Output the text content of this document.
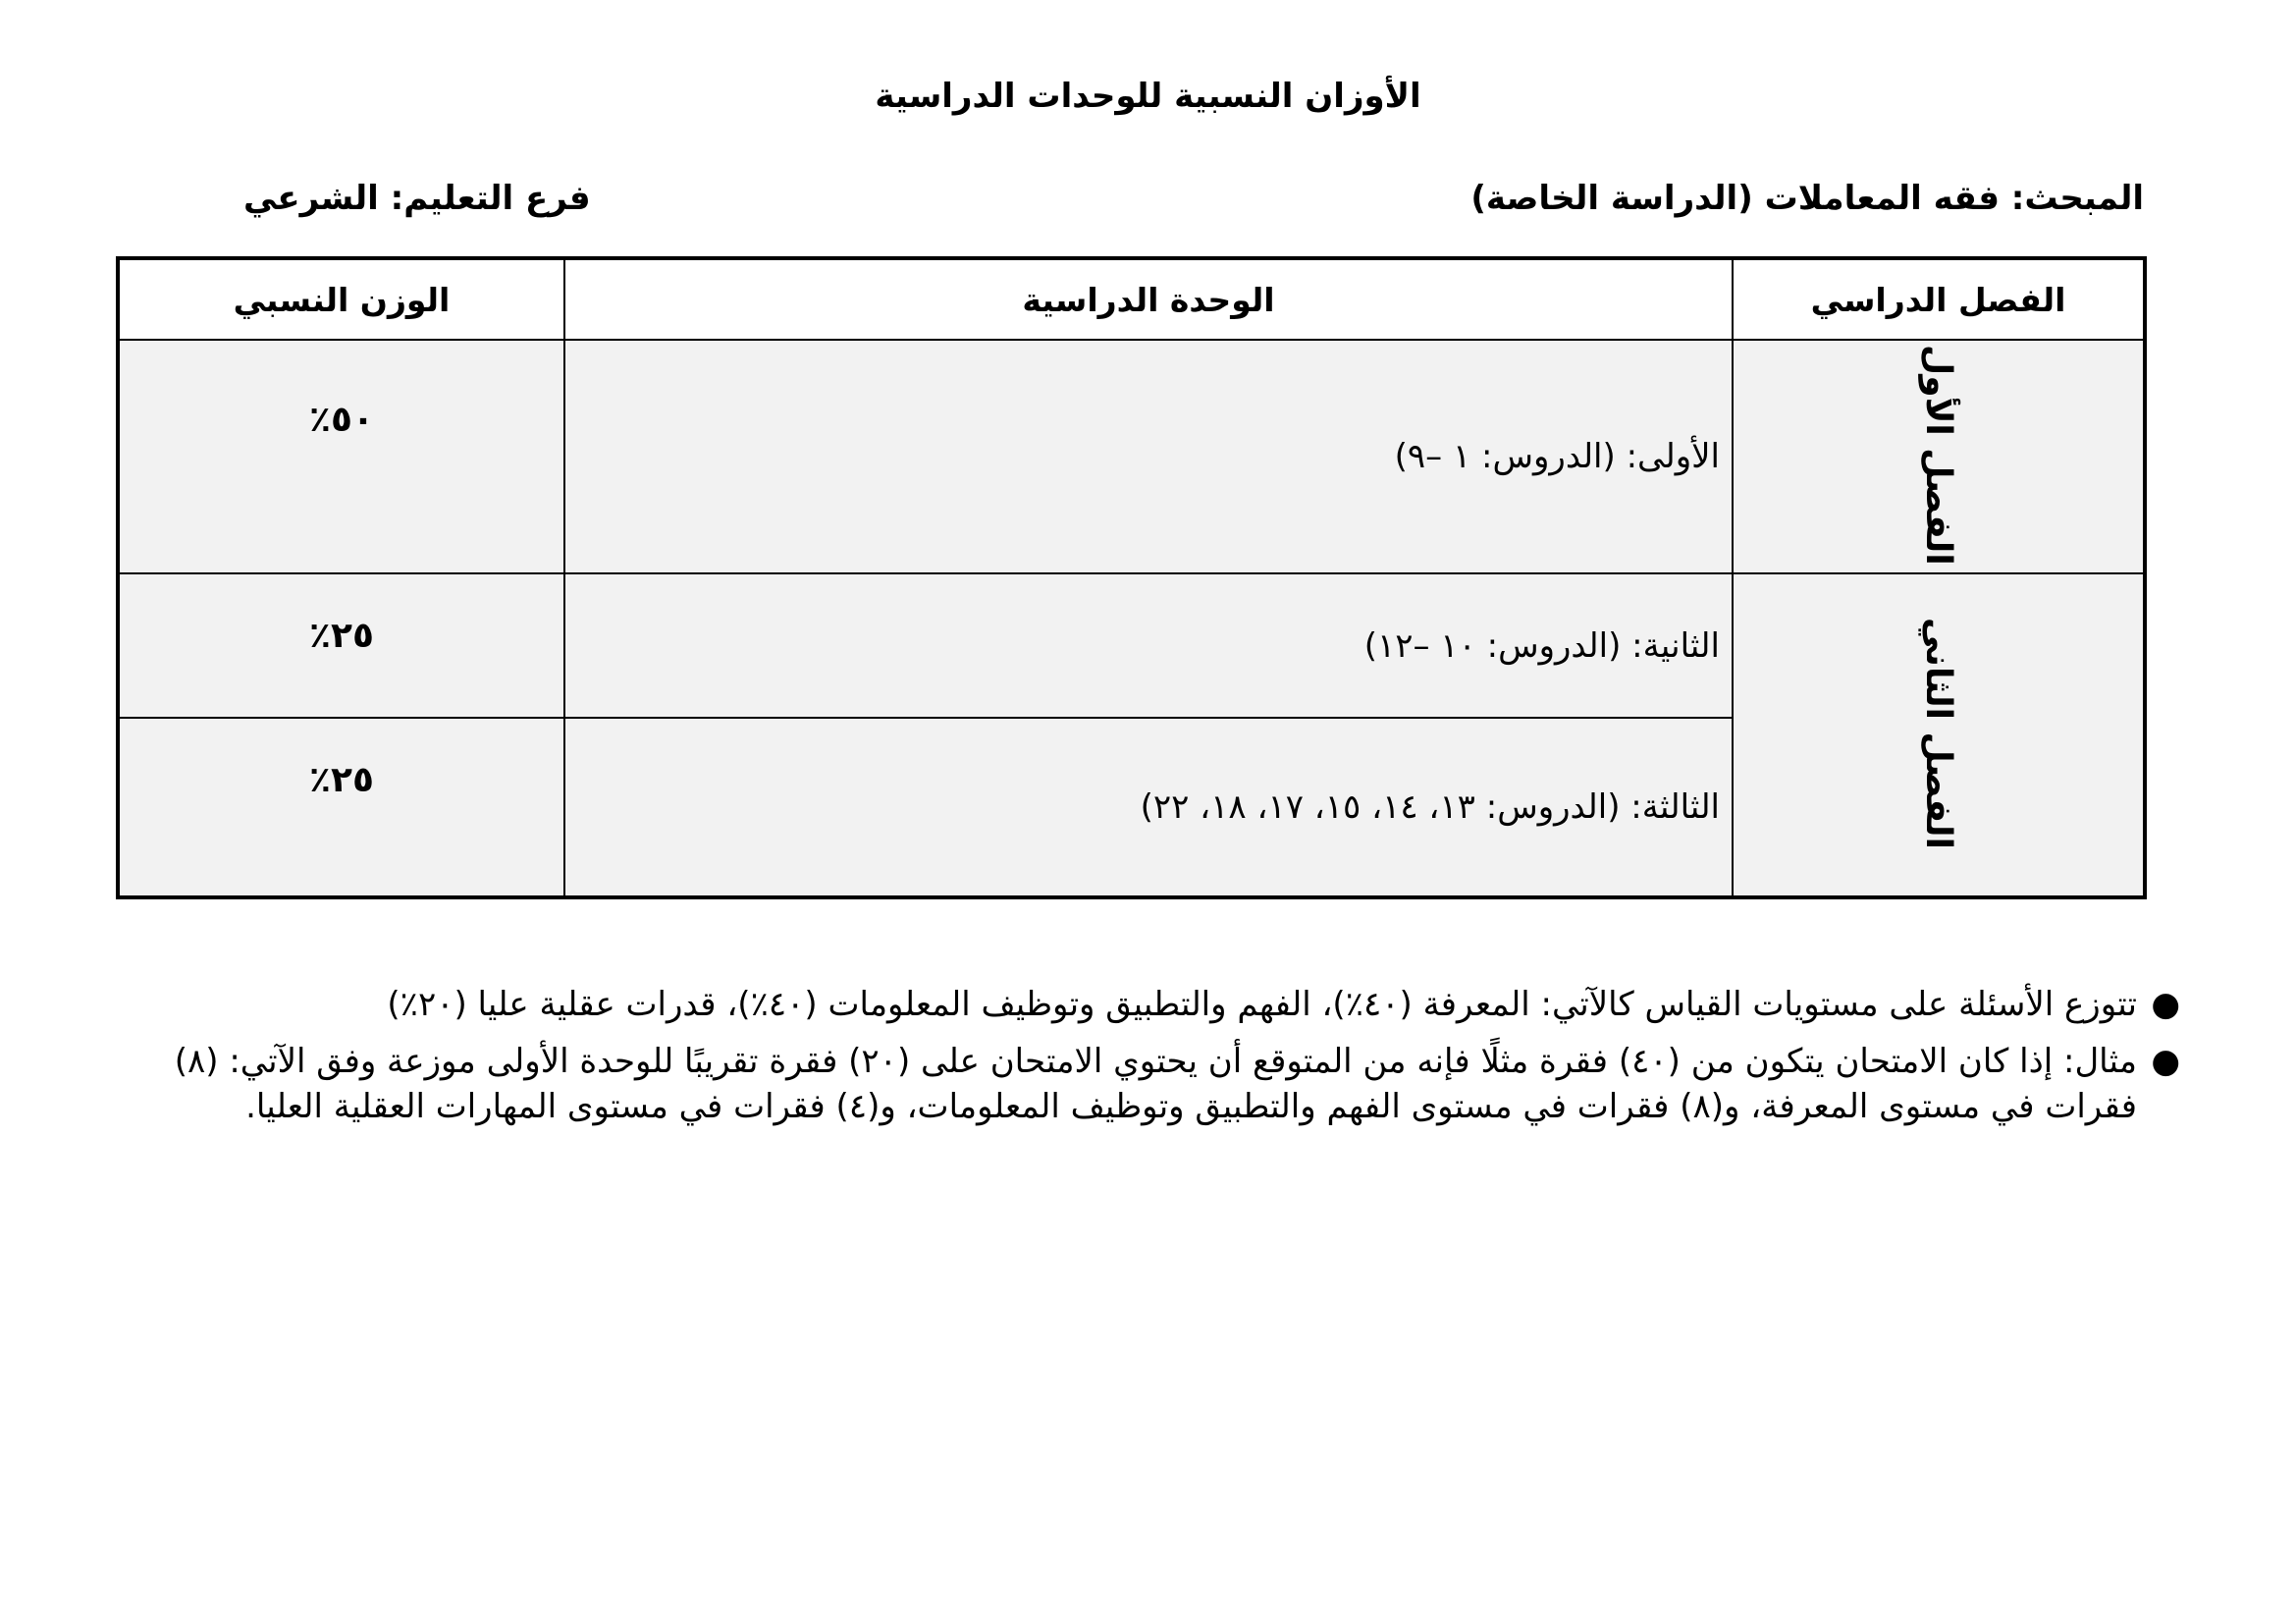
الأوزان النسبية للوحدات الدراسية
المبحث: فقه المعاملات (الدراسة الخاصة)
فرع التعليم: الشرعي
الفصل الدراسي	الوحدة الدراسية	الوزن النسبي
الفصل الأول	الأولى: (الدروس: ١ –٩)	٥٠٪
الفصل الثاني	الثانية: (الدروس: ١٠ –١٢)	٢٥٪
	الثالثة: (الدروس: ١٣، ١٤، ١٥، ١٧، ١٨، ٢٢)	٢٥٪
●
تتوزع الأسئلة على مستويات القياس كالآتي: المعرفة (٤٠٪)، الفهم والتطبيق وتوظيف المعلومات (٤٠٪)، قدرات عقلية عليا (٢٠٪)
●
مثال: إذا كان الامتحان يتكون من (٤٠) فقرة مثلًا فإنه من المتوقع أن يحتوي الامتحان على (٢٠) فقرة تقريبًا للوحدة الأولى موزعة وفق الآتي: (٨) فقرات في مستوى المعرفة، و(٨) فقرات في مستوى الفهم والتطبيق وتوظيف المعلومات، و(٤) فقرات في مستوى المهارات العقلية العليا.
